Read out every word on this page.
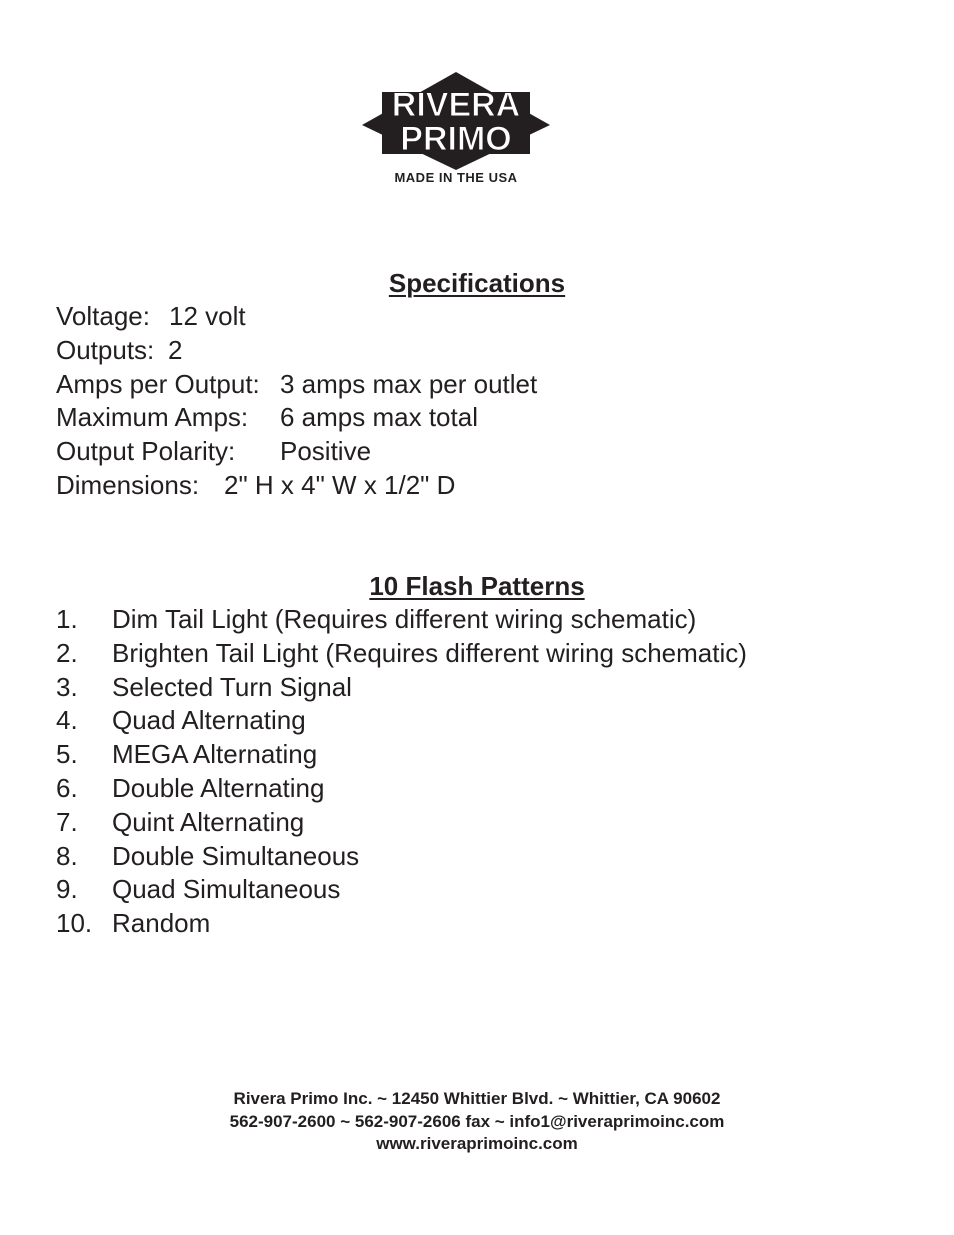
RIVERA
PRIMO
MADE IN THE USA
Specifications
Voltage: 12 volt
Outputs: 2
Amps per Output: 3 amps max per outlet
Maximum Amps: 6 amps max total
Output Polarity: Positive
Dimensions: 2" H x 4" W x 1/2" D
10 Flash Patterns
1. Dim Tail Light (Requires different wiring schematic)
2. Brighten Tail Light (Requires different wiring schematic)
3. Selected Turn Signal
4. Quad Alternating
5. MEGA Alternating
6. Double Alternating
7. Quint Alternating
8. Double Simultaneous
9. Quad Simultaneous
10. Random
Rivera Primo Inc. ~ 12450 Whittier Blvd. ~ Whittier, CA 90602
562-907-2600 ~ 562-907-2606 fax ~ info1@riveraprimoinc.com
www.riveraprimoinc.com
